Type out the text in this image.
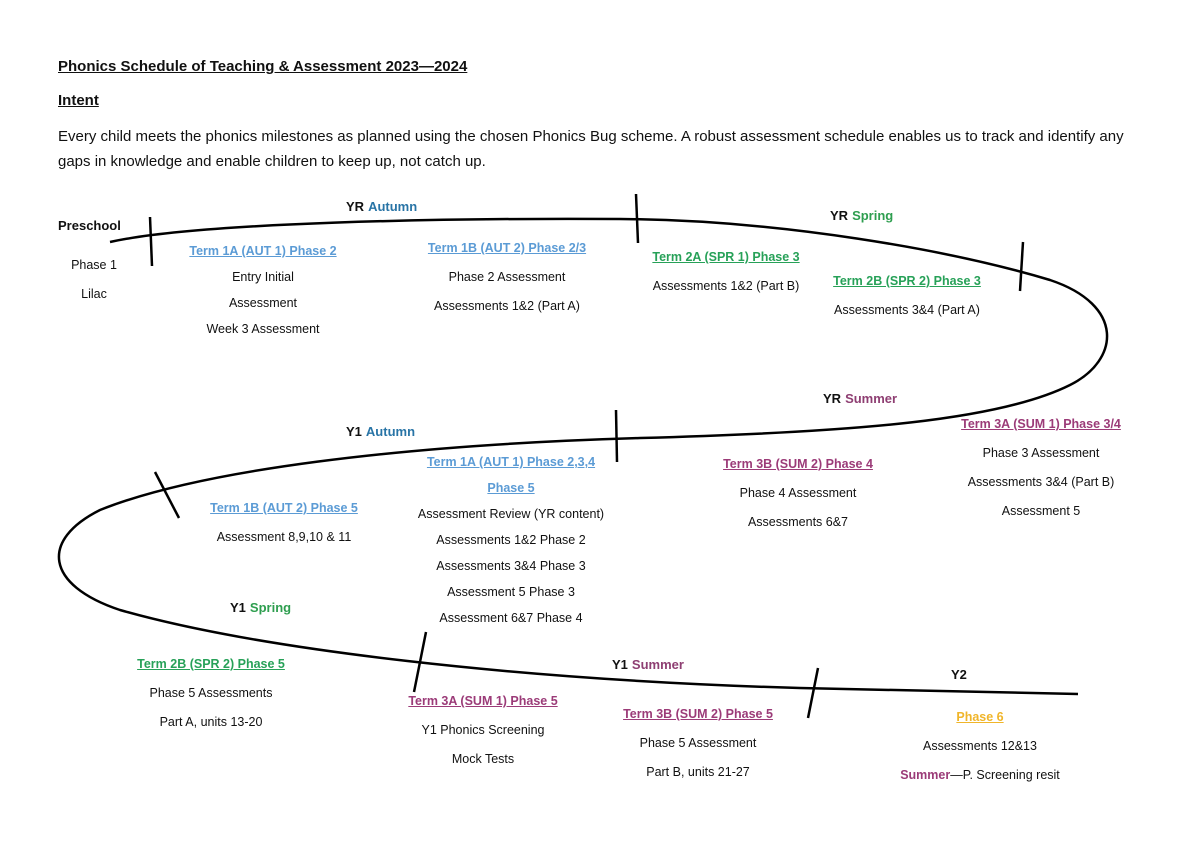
Phonics Schedule of Teaching & Assessment 2023—2024
Intent
Every child meets the phonics milestones as planned using the chosen Phonics Bug scheme. A robust assessment schedule enables us to track and identify any gaps in knowledge and enable children to keep up, not catch up.
Preschool
YR Autumn
YR Spring
YR Summer
Y1 Autumn
Y1 Spring
Y1 Summer
Y2
Phase 1
Lilac
Term 1A (AUT 1) Phase 2
Entry Initial
Assessment
Week 3 Assessment
Term 1B (AUT 2) Phase 2/3
Phase 2 Assessment
Assessments 1&2 (Part A)
Term 2A (SPR 1) Phase 3
Assessments 1&2 (Part B)	Term 2B (SPR 2) Phase 3
Assessments 3&4 (Part A)
Term 3A (SUM 1) Phase 3/4
Phase 3 Assessment
Assessments 3&4 (Part B)
Assessment 5
Term 3B (SUM 2) Phase 4
Phase 4 Assessment
Assessments 6&7
Term 1A (AUT 1) Phase 2,3,4
Phase 5
Assessment Review (YR content)
Assessments 1&2 Phase 2
Assessments 3&4 Phase 3
Assessment 5 Phase 3
Assessment 6&7 Phase 4
Term 1B (AUT 2) Phase 5
Assessment 8,9,10 & 11
Term 2B (SPR 2) Phase 5
Phase 5 Assessments
Part A, units 13-20
Term 3A (SUM 1) Phase 5
Y1 Phonics Screening
Mock Tests
Term 3B (SUM 2) Phase 5
Phase 5 Assessment
Part B, units 21-27
Phase 6
Assessments 12&13
Summer—P. Screening resit
